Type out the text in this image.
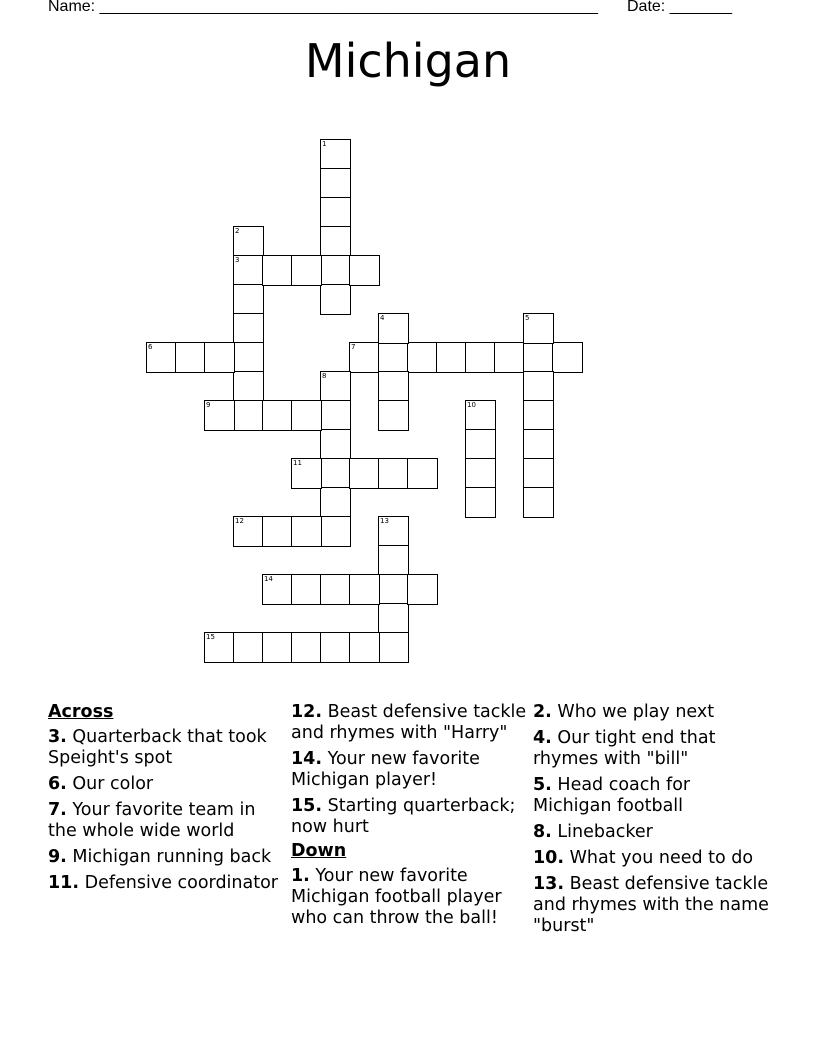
Name: ________________________________________________________ Date: _______
Michigan
1
2
3
6	7
4	5
8
9	10
11
12	13
14
15
Across
3. Quarterback that took Speight's spot
6. Our color
7. Your favorite team in the whole wide world
9. Michigan running back
11. Defensive coordinator
12. Beast defensive tackle and rhymes with "Harry"
14. Your new favorite Michigan player!
15. Starting quarterback; now hurt
Down
1. Your new favorite Michigan football player who can throw the ball!
2. Who we play next
4. Our tight end that rhymes with "bill"
5. Head coach for Michigan football
8. Linebacker
10. What you need to do
13. Beast defensive tackle and rhymes with the name "burst"
